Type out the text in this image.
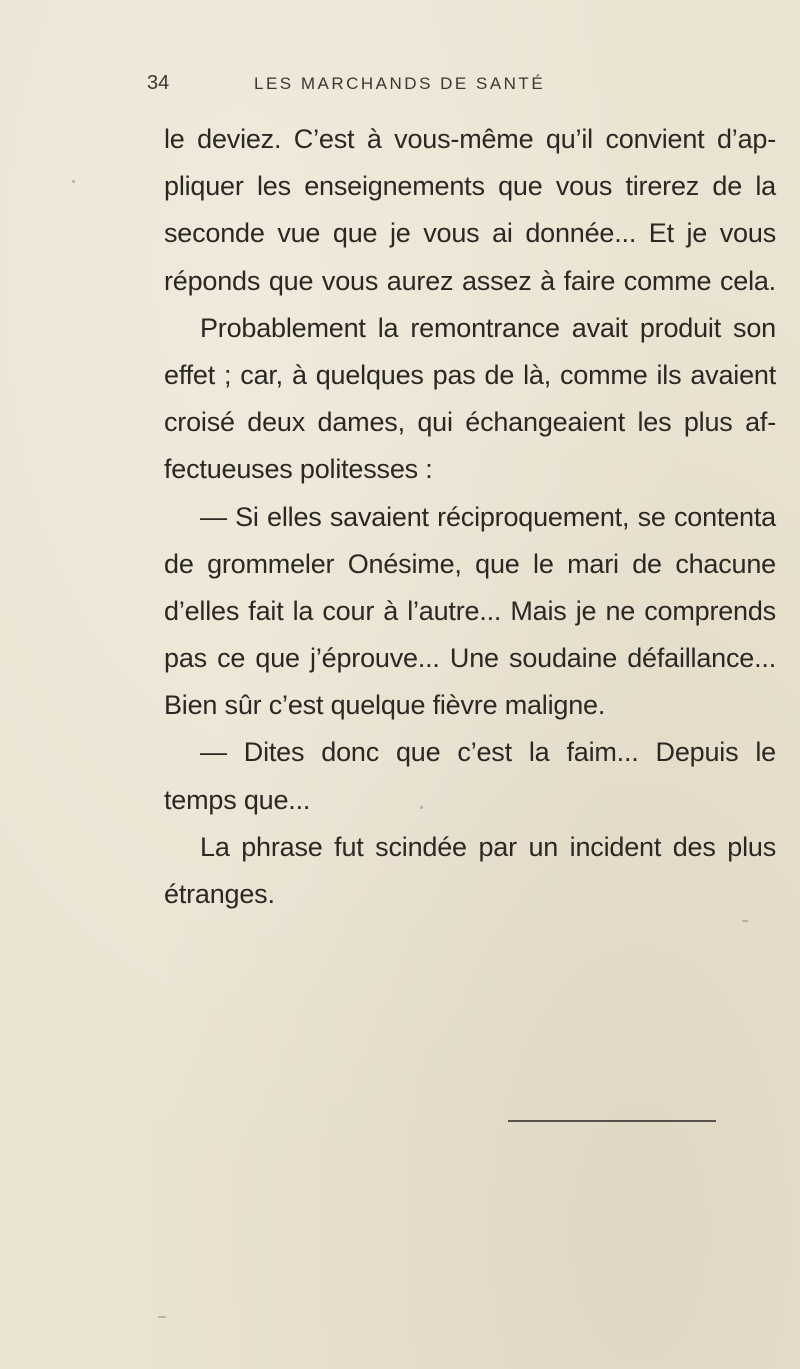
34	LES MARCHANDS DE SANTÉ
le deviez. C’est à vous-même qu’il convient d’ap-
pliquer les enseignements que vous tirerez de la
seconde vue que je vous ai donnée... Et je vous
réponds que vous aurez assez à faire comme cela.
Probablement la remontrance avait produit son
effet ; car, à quelques pas de là, comme ils avaient
croisé deux dames, qui échangeaient les plus af-
fectueuses politesses :
— Si elles savaient réciproquement, se contenta
de grommeler Onésime, que le mari de chacune
d’elles fait la cour à l’autre... Mais je ne comprends
pas ce que j’éprouve... Une soudaine défaillance...
Bien sûr c’est quelque fièvre maligne.
— Dites donc que c’est la faim... Depuis le
temps que...
La phrase fut scindée par un incident des plus
étranges.
